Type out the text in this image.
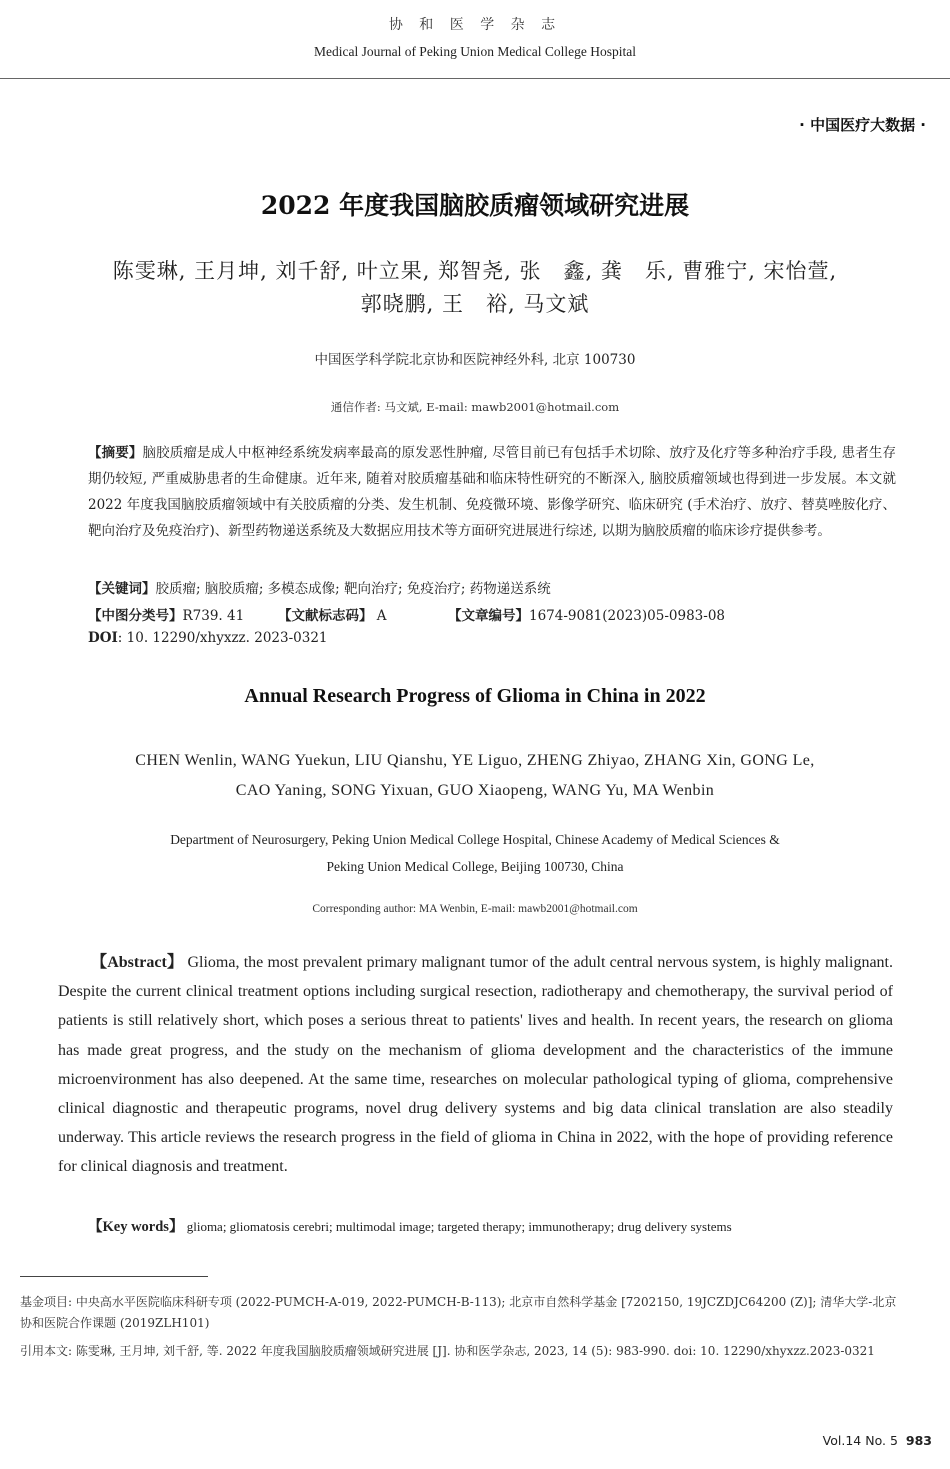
协 和 医 学 杂 志
Medical Journal of Peking Union Medical College Hospital
· 中国医疗大数据 ·
2022 年度我国脑胶质瘤领域研究进展
陈雯琳, 王月坤, 刘千舒, 叶立果, 郑智尧, 张　鑫, 龚　乐, 曹雅宁, 宋怡萱,
郭晓鹏, 王　裕, 马文斌
中国医学科学院北京协和医院神经外科, 北京 100730
通信作者: 马文斌, E-mail: mawb2001@hotmail.com
【摘要】脑胶质瘤是成人中枢神经系统发病率最高的原发恶性肿瘤, 尽管目前已有包括手术切除、放疗及化疗等多种治疗手段, 患者生存期仍较短, 严重威胁患者的生命健康。近年来, 随着对胶质瘤基础和临床特性研究的不断深入, 脑胶质瘤领域也得到进一步发展。本文就 2022 年度我国脑胶质瘤领域中有关胶质瘤的分类、发生机制、免疫微环境、影像学研究、临床研究 (手术治疗、放疗、替莫唑胺化疗、靶向治疗及免疫治疗)、新型药物递送系统及大数据应用技术等方面研究进展进行综述, 以期为脑胶质瘤的临床诊疗提供参考。
【关键词】胶质瘤; 脑胶质瘤; 多模态成像; 靶向治疗; 免疫治疗; 药物递送系统
【中图分类号】R739. 41	【文献标志码】 A	【文章编号】1674-9081(2023)05-0983-08
DOI: 10. 12290/xhyxzz. 2023-0321
Annual Research Progress of Glioma in China in 2022
CHEN Wenlin, WANG Yuekun, LIU Qianshu, YE Liguo, ZHENG Zhiyao, ZHANG Xin, GONG Le,
CAO Yaning, SONG Yixuan, GUO Xiaopeng, WANG Yu, MA Wenbin
Department of Neurosurgery, Peking Union Medical College Hospital, Chinese Academy of Medical Sciences &
Peking Union Medical College, Beijing 100730, China
Corresponding author: MA Wenbin, E-mail: mawb2001@hotmail.com
【Abstract】 Glioma, the most prevalent primary malignant tumor of the adult central nervous system, is highly malignant. Despite the current clinical treatment options including surgical resection, radiotherapy and chemotherapy, the survival period of patients is still relatively short, which poses a serious threat to patients' lives and health. In recent years, the research on glioma has made great progress, and the study on the mechanism of glioma development and the characteristics of the immune microenvironment has also deepened. At the same time, researches on molecular pathological typing of glioma, comprehensive clinical diagnostic and therapeutic programs, novel drug delivery systems and big data clinical translation are also steadily underway. This article reviews the research progress in the field of glioma in China in 2022, with the hope of providing reference for clinical diagnosis and treatment.
【Key words】 glioma; gliomatosis cerebri; multimodal image; targeted therapy; immunotherapy; drug delivery systems
基金项目: 中央高水平医院临床科研专项 (2022-PUMCH-A-019, 2022-PUMCH-B-113); 北京市自然科学基金 [7202150, 19JCZDJC64200 (Z)]; 清华大学-北京协和医院合作课题 (2019ZLH101)
引用本文: 陈雯琳, 王月坤, 刘千舒, 等. 2022 年度我国脑胶质瘤领域研究进展 [J]. 协和医学杂志, 2023, 14 (5): 983-990. doi: 10. 12290/xhyxzz.2023-0321
Vol.14 No. 5 983
